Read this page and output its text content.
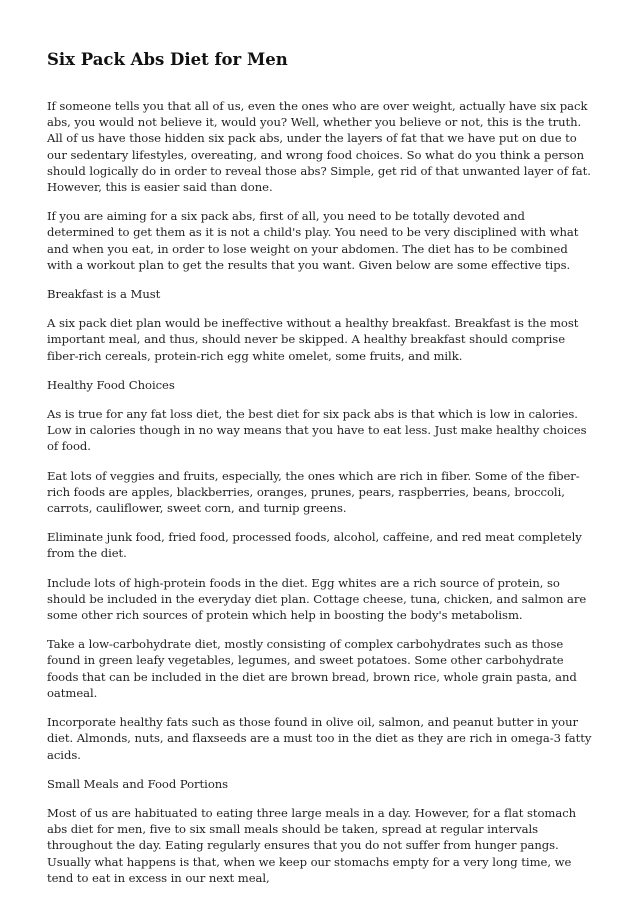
Six Pack Abs Diet for Men

If someone tells you that all of us, even the ones who are over weight, actually have six pack abs, you would not believe it, would you? Well, whether you believe or not, this is the truth. All of us have those hidden six pack abs, under the layers of fat that we have put on due to our sedentary lifestyles, overeating, and wrong food choices. So what do you think a person should logically do in order to reveal those abs? Simple, get rid of that unwanted layer of fat. However, this is easier said than done.

If you are aiming for a six pack abs, first of all, you need to be totally devoted and determined to get them as it is not a child's play. You need to be very disciplined with what and when you eat, in order to lose weight on your abdomen. The diet has to be combined with a workout plan to get the results that you want. Given below are some effective tips.

Breakfast is a Must

A six pack diet plan would be ineffective without a healthy breakfast. Breakfast is the most important meal, and thus, should never be skipped. A healthy breakfast should comprise fiber-rich cereals, protein-rich egg white omelet, some fruits, and milk.

Healthy Food Choices

As is true for any fat loss diet, the best diet for six pack abs is that which is low in calories. Low in calories though in no way means that you have to eat less. Just make healthy choices of food.

Eat lots of veggies and fruits, especially, the ones which are rich in fiber. Some of the fiber-rich foods are apples, blackberries, oranges, prunes, pears, raspberries, beans, broccoli, carrots, cauliflower, sweet corn, and turnip greens.

Eliminate junk food, fried food, processed foods, alcohol, caffeine, and red meat completely from the diet.

Include lots of high-protein foods in the diet. Egg whites are a rich source of protein, so should be included in the everyday diet plan. Cottage cheese, tuna, chicken, and salmon are some other rich sources of protein which help in boosting the body's metabolism.

Take a low-carbohydrate diet, mostly consisting of complex carbohydrates such as those found in green leafy vegetables, legumes, and sweet potatoes. Some other carbohydrate foods that can be included in the diet are brown bread, brown rice, whole grain pasta, and oatmeal.

Incorporate healthy fats such as those found in olive oil, salmon, and peanut butter in your diet. Almonds, nuts, and flaxseeds are a must too in the diet as they are rich in omega-3 fatty acids.

Small Meals and Food Portions

Most of us are habituated to eating three large meals in a day. However, for a flat stomach abs diet for men, five to six small meals should be taken, spread at regular intervals throughout the day. Eating regularly ensures that you do not suffer from hunger pangs. Usually what happens is that, when we keep our stomachs empty for a very long time, we tend to eat in excess in our next meal,
